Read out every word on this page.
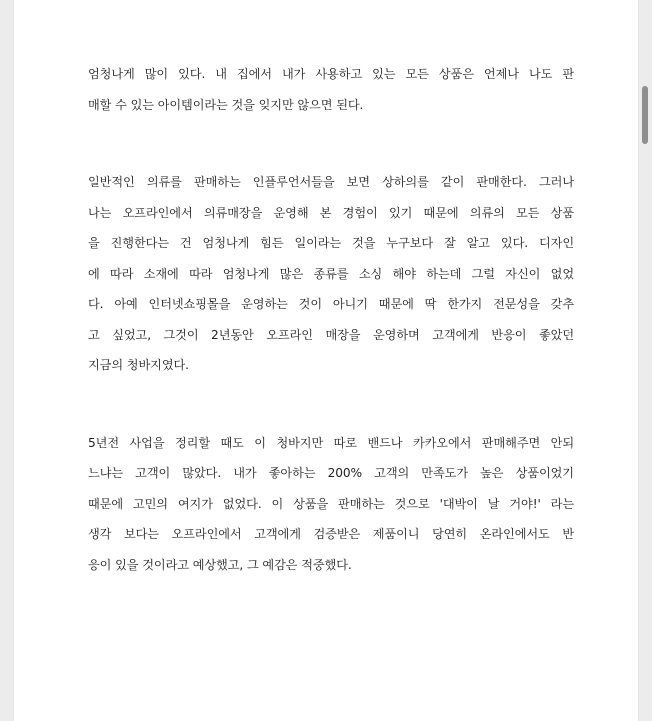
엄청나게 많이 있다. 내 집에서 내가 사용하고 있는 모든 상품은 언제나 나도 판
매할 수 있는 아이템이라는 것을 잊지만 않으면 된다.
일반적인 의류를 판매하는 인플루언서들을 보면 상하의를 같이 판매한다. 그러나
나는 오프라인에서 의류매장을 운영해 본 경험이 있기 때문에 의류의 모든 상품
을 진행한다는 건 엄청나게 힘든 일이라는 것을 누구보다 잘 알고 있다. 디자인
에 따라 소재에 따라 엄청나게 많은 종류를 소싱 해야 하는데 그럴 자신이 없었
다. 아예 인터넷쇼핑몰을 운영하는 것이 아니기 때문에 딱 한가지 전문성을 갖추
고 싶었고, 그것이 2년동안 오프라인 매장을 운영하며 고객에게 반응이 좋았던
지금의 청바지였다.
5년전 사업을 정리할 때도 이 청바지만 따로 밴드나 카카오에서 판매해주면 안되
느냐는 고객이 많았다. 내가 좋아하는 200% 고객의 만족도가 높은 상품이었기
때문에 고민의 여지가 없었다. 이 상품을 판매하는 것으로 '대박이 날 거야!' 라는
생각 보다는 오프라인에서 고객에게 검증받은 제품이니 당연히 온라인에서도 반
응이 있을 것이라고 예상했고, 그 예감은 적중했다.
